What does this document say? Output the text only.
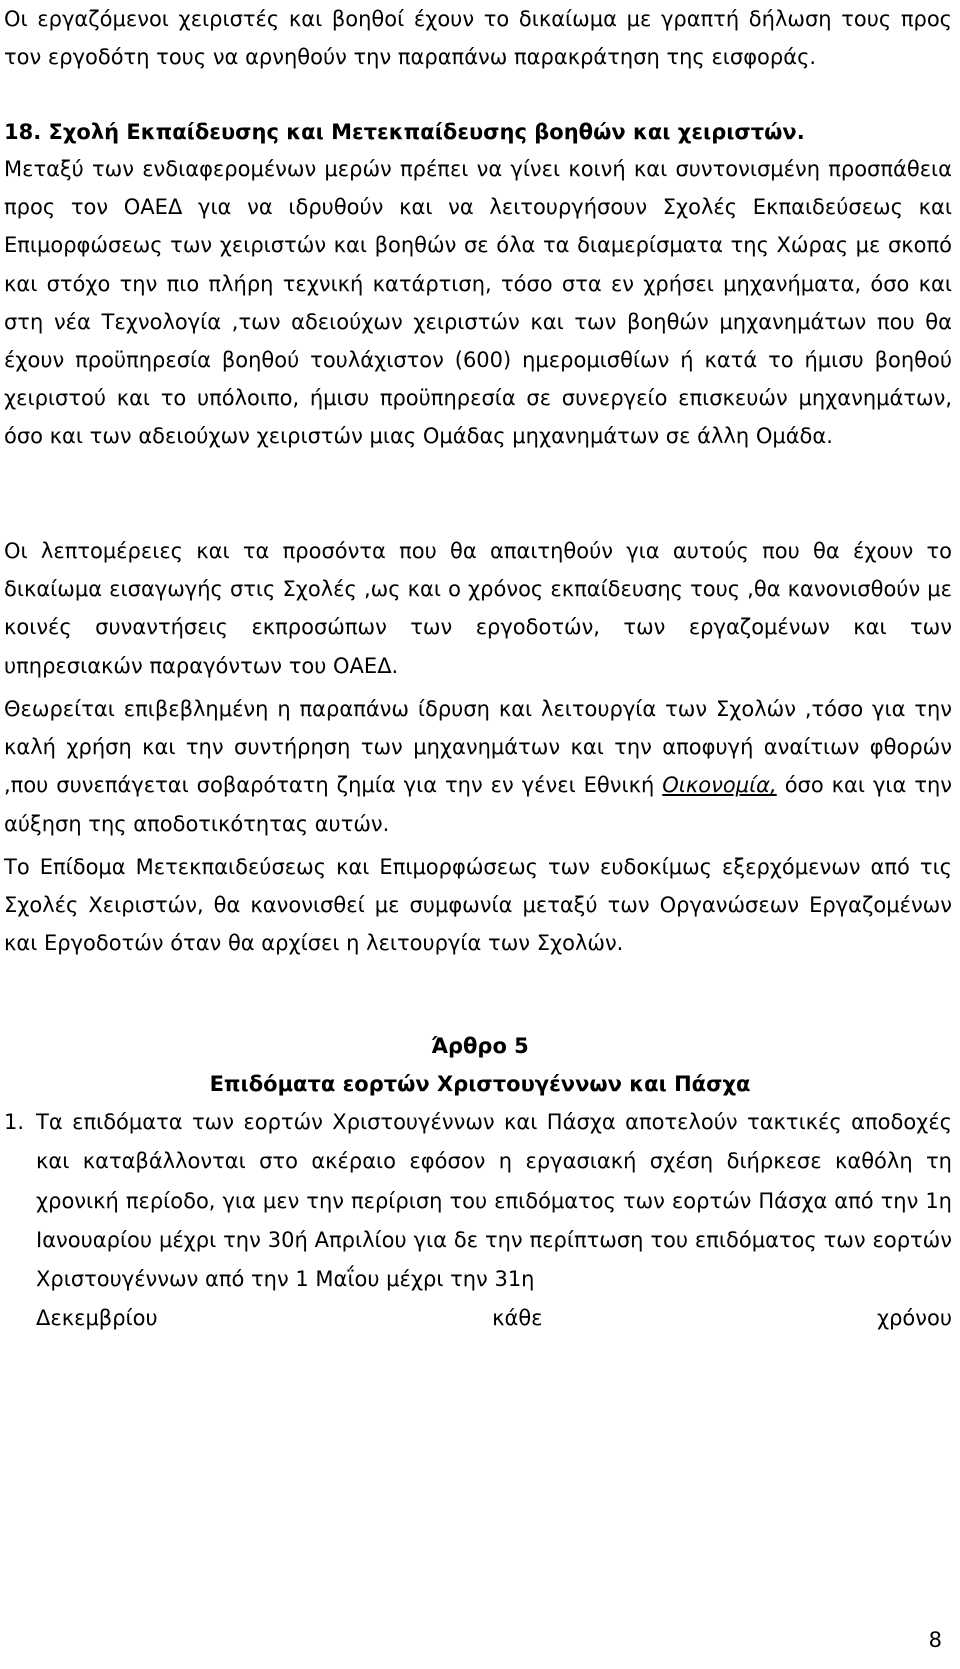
Οι εργαζόμενοι χειριστές και βοηθοί έχουν το δικαίωμα με γραπτή δήλωση τους προς τον εργοδότη τους να αρνηθούν την παραπάνω παρακράτηση της εισφοράς.

18. Σχολή Εκπαίδευσης και Μετεκπαίδευσης βοηθών και χειριστών.

Μεταξύ των ενδιαφερομένων μερών πρέπει να γίνει κοινή και συντονισμένη προσπάθεια προς τον ΟΑΕΔ για να ιδρυθούν και να λειτουργήσουν Σχολές Εκπαιδεύσεως και Επιμορφώσεως των χειριστών και βοηθών σε όλα τα διαμερίσματα της Χώρας με σκοπό και στόχο την πιο πλήρη τεχνική κατάρτιση, τόσο στα εν χρήσει μηχανήματα, όσο και στη νέα Τεχνολογία ,των αδειούχων χειριστών και των βοηθών μηχανημάτων που θα έχουν προϋπηρεσία βοηθού τουλάχιστον (600) ημερομισθίων ή κατά το ήμισυ βοηθού χειριστού και το υπόλοιπο, ήμισυ προϋπηρεσία σε συνεργείο επισκευών μηχανημάτων, όσο και των αδειούχων χειριστών μιας Ομάδας μηχανημάτων σε άλλη Ομάδα.

Οι λεπτομέρειες και τα προσόντα που θα απαιτηθούν για αυτούς που θα έχουν το δικαίωμα εισαγωγής στις Σχολές ,ως και ο χρόνος εκπαίδευσης τους ,θα κανονισθούν με κοινές συναντήσεις εκπροσώπων των εργοδοτών, των εργαζομένων και των υπηρεσιακών παραγόντων του ΟΑΕΔ.

Θεωρείται επιβεβλημένη η παραπάνω ίδρυση και λειτουργία των Σχολών ,τόσο για την καλή χρήση και την συντήρηση των μηχανημάτων και την αποφυγή αναίτιων φθορών ,που συνεπάγεται σοβαρότατη ζημία για την εν γένει Εθνική Οικονομία, όσο και για την αύξηση της αποδοτικότητας αυτών.

Το Επίδομα Μετεκπαιδεύσεως και Επιμορφώσεως των ευδοκίμως εξερχόμενων από τις Σχολές Χειριστών, θα κανονισθεί με συμφωνία μεταξύ των Οργανώσεων Εργαζομένων και Εργοδοτών όταν θα αρχίσει η λειτουργία των Σχολών.

Άρθρο 5

Επιδόματα εορτών Χριστουγέννων και Πάσχα

1. Τα επιδόματα των εορτών Χριστουγέννων και Πάσχα αποτελούν τακτικές αποδοχές και καταβάλλονται στο ακέραιο εφόσον η εργασιακή σχέση διήρκεσε καθόλη τη χρονική περίοδο, για μεν την περίριση του επιδόματος των εορτών Πάσχα από την 1η Ιανουαρίου μέχρι την 30ή Απριλίου για δε την περίπτωση του επιδόματος των εορτών Χριστουγέννων από την 1 Μαΐου μέχρι την 31η
Δεκεμβρίου	κάθε	χρόνου
8
